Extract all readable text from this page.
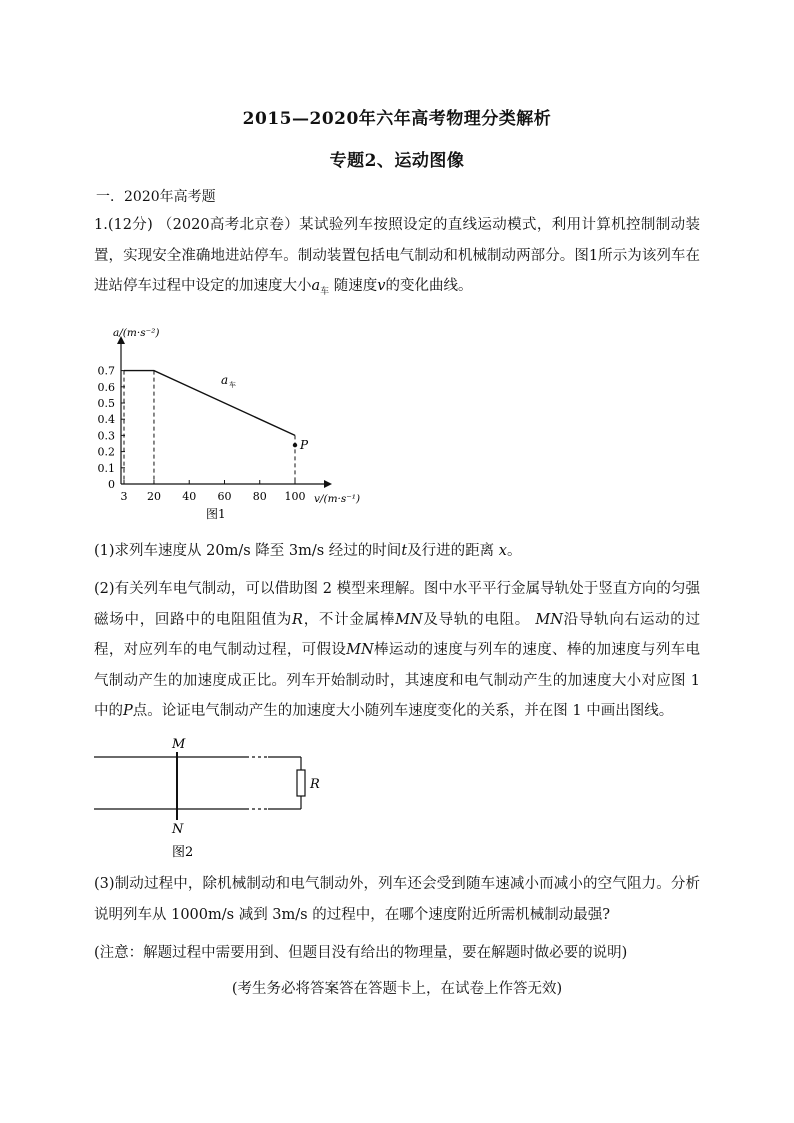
2015—2020年六年高考物理分类解析
专题2、运动图像
一．2020年高考题
1.(12分) （2020高考北京卷）某试验列车按照设定的直线运动模式，利用计算机控制制动装置，实现安全准确地进站停车。制动装置包括电气制动和机械制动两部分。图1所示为该列车在进站停车过程中设定的加速度大小$a_车$ 随速度v的变化曲线。
0
0.1
0.2
0.3
0.4
0.5
0.6
0.7
3 20 40 60 80 100
a/(m·s⁻²)
v/(m·s⁻¹)
a 车
P
图1
(1)求列车速度从 20m/s 降至 3m/s 经过的时间t及行进的距离 x。
(2)有关列车电气制动，可以借助图 2 模型来理解。图中水平平行金属导轨处于竖直方向的匀强磁场中，回路中的电阻阻值为R，不计金属棒MN及导轨的电阻。 MN沿导轨向右运动的过程，对应列车的电气制动过程，可假设MN棒运动的速度与列车的速度、棒的加速度与列车电气制动产生的加速度成正比。列车开始制动时，其速度和电气制动产生的加速度大小对应图 1 中的P点。论证电气制动产生的加速度大小随列车速度变化的关系，并在图 1 中画出图线。
M
N
R
图2
(3)制动过程中，除机械制动和电气制动外，列车还会受到随车速减小而减小的空气阻力。分析说明列车从 1000m/s 减到 3m/s 的过程中，在哪个速度附近所需机械制动最强?
(注意：解题过程中需要用到、但题目没有给出的物理量，要在解题时做必要的说明)
(考生务必将答案答在答题卡上，在试卷上作答无效)
